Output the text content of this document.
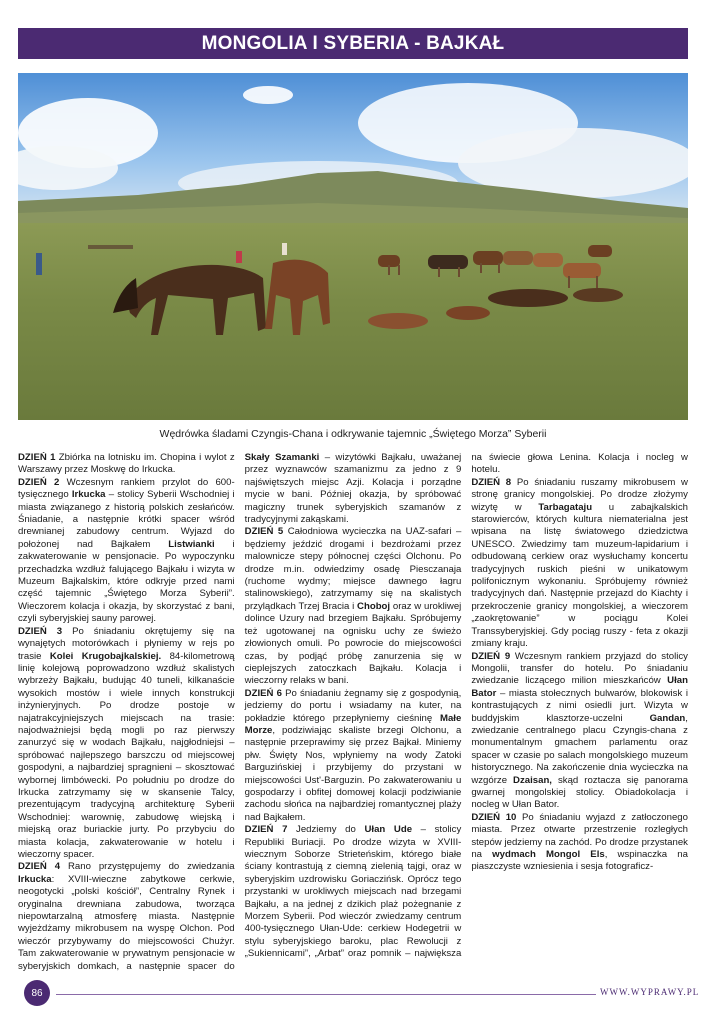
MONGOLIA I SYBERIA - BAJKAŁ
Wędrówka śladami Czyngis-Chana i odkrywanie tajemnic „Świętego Morza” Syberii

DZIEŃ 1 Zbiórka na lotnisku im. Chopina i wylot z Warszawy przez Moskwę do Irkucka.

DZIEŃ 2 Wczesnym rankiem przylot do 600-tysięcznego Irkucka – stolicy Syberii Wschodniej i miasta związanego z historią polskich zesłańców. Śniadanie, a następnie krótki spacer wśród drewnianej zabudowy centrum. Wyjazd do położonej nad Bajkałem Listwianki i zakwaterowanie w pensjonacie. Po wypoczynku przechadzka wzdłuż falującego Bajkału i wizyta w Muzeum Bajkalskim, które odkryje przed nami część tajemnic „Świętego Morza Syberii”. Wieczorem kolacja i okazja, by skorzystać z bani, czyli syberyjskiej sauny parowej.

DZIEŃ 3 Po śniadaniu okrętujemy się na wynajętych motorówkach i płyniemy w rejs po trasie Kolei Krugobajkalskiej. 84-kilometrową linię kolejową poprowadzono wzdłuż skalistych wybrzeży Bajkału, budując 40 tuneli, kilkanaście wysokich mostów i wiele innych konstrukcji inżynieryjnych. Po drodze postoje w najatrakcyjniejszych miejscach na trasie: najodważniejsi będą mogli po raz pierwszy zanurzyć się w wodach Bajkału, najgłodniejsi – spróbować najlepszego barszczu od miejscowej gospodyni, a najbardziej spragnieni – skosztować wybornej limbówecki. Po południu po drodze do Irkucka zatrzymamy się w skansenie Talcy, prezentującym tradycyjną architekturę Syberii Wschodniej: warownię, zabudowę wiejską i miejską oraz buriackie jurty. Po przybyciu do miasta kolacja, zakwaterowanie w hotelu i wieczorny spacer.

DZIEŃ 4 Rano przystępujemy do zwiedzania Irkucka: XVIII-wieczne zabytkowe cerkwie, neogotycki „polski kościół”, Centralny Rynek i oryginalna drewniana zabudowa, tworząca niepowtarzalną atmosferę miasta. Następnie wyjeżdżamy mikrobusem na wyspę Olchon. Pod wieczór przybywamy do miejscowości Chużyr. Tam zakwaterowanie w prywatnym pensjonacie w syberyjskich domkach, a następnie spacer do Skały Szamanki – wizytówki Bajkału, uważanej przez wyznawców szamanizmu za jedno z 9 najświętszych miejsc Azji. Kolacja i porządne mycie w bani. Później okazja, by spróbować magiczny trunek syberyjskich szamanów z tradycyjnymi zakąskami.

DZIEŃ 5 Całodniowa wycieczka na UAZ-safari – będziemy jeździć drogami i bezdrożami przez malownicze stepy północnej części Olchonu. Po drodze m.in. odwiedzimy osadę Piesczanaja (ruchome wydmy; miejsce dawnego łagru stalinowskiego), zatrzymamy się na skalistych przylądkach Trzej Bracia i Choboj oraz w urokliwej dolince Uzury nad brzegiem Bajkału. Spróbujemy też ugotowanej na ognisku uchy ze świeżo złowionych omuli. Po powrocie do miejscowości czas, by podjąć próbę zanurzenia się w cieplejszych zatoczkach Bajkału. Kolacja i wieczorny relaks w bani.

DZIEŃ 6 Po śniadaniu żegnamy się z gospodynią, jedziemy do portu i wsiadamy na kuter, na pokładzie którego przepłyniemy cieśninę Małe Morze, podziwiając skaliste brzegi Olchonu, a następnie przeprawimy się przez Bajkał. Miniemy płw. Święty Nos, wpłyniemy na wody Zatoki Barguzińskiej i przybijemy do przystani w miejscowości Ust'-Barguzin. Po zakwaterowaniu u gospodarzy i obfitej domowej kolacji podziwianie zachodu słońca na najbardziej romantycznej plaży nad Bajkałem.

DZIEŃ 7 Jedziemy do Ułan Ude – stolicy Republiki Buriacji. Po drodze wizyta w XVIII-wiecznym Soborze Strieteńskim, którego białe ściany kontrastują z ciemną zielenią tajgi, oraz w syberyjskim uzdrowisku Goriaczińsk. Oprócz tego przystanki w urokliwych miejscach nad brzegami Bajkału, a na jednej z dzikich plaż pożegnanie z Morzem Syberii. Pod wieczór zwiedzamy centrum 400-tysięcznego Ułan-Ude: cerkiew Hodegetrii w stylu syberyjskiego baroku, plac Rewolucji z „Sukiennicami”, „Arbat” oraz pomnik – największa na świecie głowa Lenina. Kolacja i nocleg w hotelu.

DZIEŃ 8 Po śniadaniu ruszamy mikrobusem w stronę granicy mongolskiej. Po drodze złożymy wizytę w Tarbagataju u zabajkalskich starowierców, których kultura niematerialna jest wpisana na listę światowego dziedzictwa UNESCO. Zwiedzimy tam muzeum-lapidarium i odbudowaną cerkiew oraz wysłuchamy koncertu tradycyjnych ruskich pieśni w unikatowym polifonicznym wykonaniu. Spróbujemy również tradycyjnych dań. Następnie przejazd do Kiachty i przekroczenie granicy mongolskiej, a wieczorem „zaokrętowanie” w pociągu Kolei Transsyberyjskiej. Gdy pociąg ruszy - feta z okazji zmiany kraju.

DZIEŃ 9 Wczesnym rankiem przyjazd do stolicy Mongolii, transfer do hotelu. Po śniadaniu zwiedzanie liczącego milion mieszkańców Ułan Bator – miasta stołecznych bulwarów, blokowisk i kontrastujących z nimi osiedli jurt. Wizyta w buddyjskim klasztorze-uczelni Gandan, zwiedzanie centralnego placu Czyngis-chana z monumentalnym gmachem parlamentu oraz spacer w czasie po salach mongolskiego muzeum historycznego. Na zakończenie dnia wycieczka na wzgórze Dzaisan, skąd roztacza się panorama gwarnej mongolskiej stolicy. Obiadokolacja i nocleg w Ułan Bator.

DZIEŃ 10 Po śniadaniu wyjazd z zatłoczonego miasta. Przez otwarte przestrzenie rozległych stepów jedziemy na zachód. Po drodze przystanek na wydmach Mongol Els, wspinaczka na piaszczyste wzniesienia i sesja fotograficz-

86	WWW.WYPRAWY.PL
